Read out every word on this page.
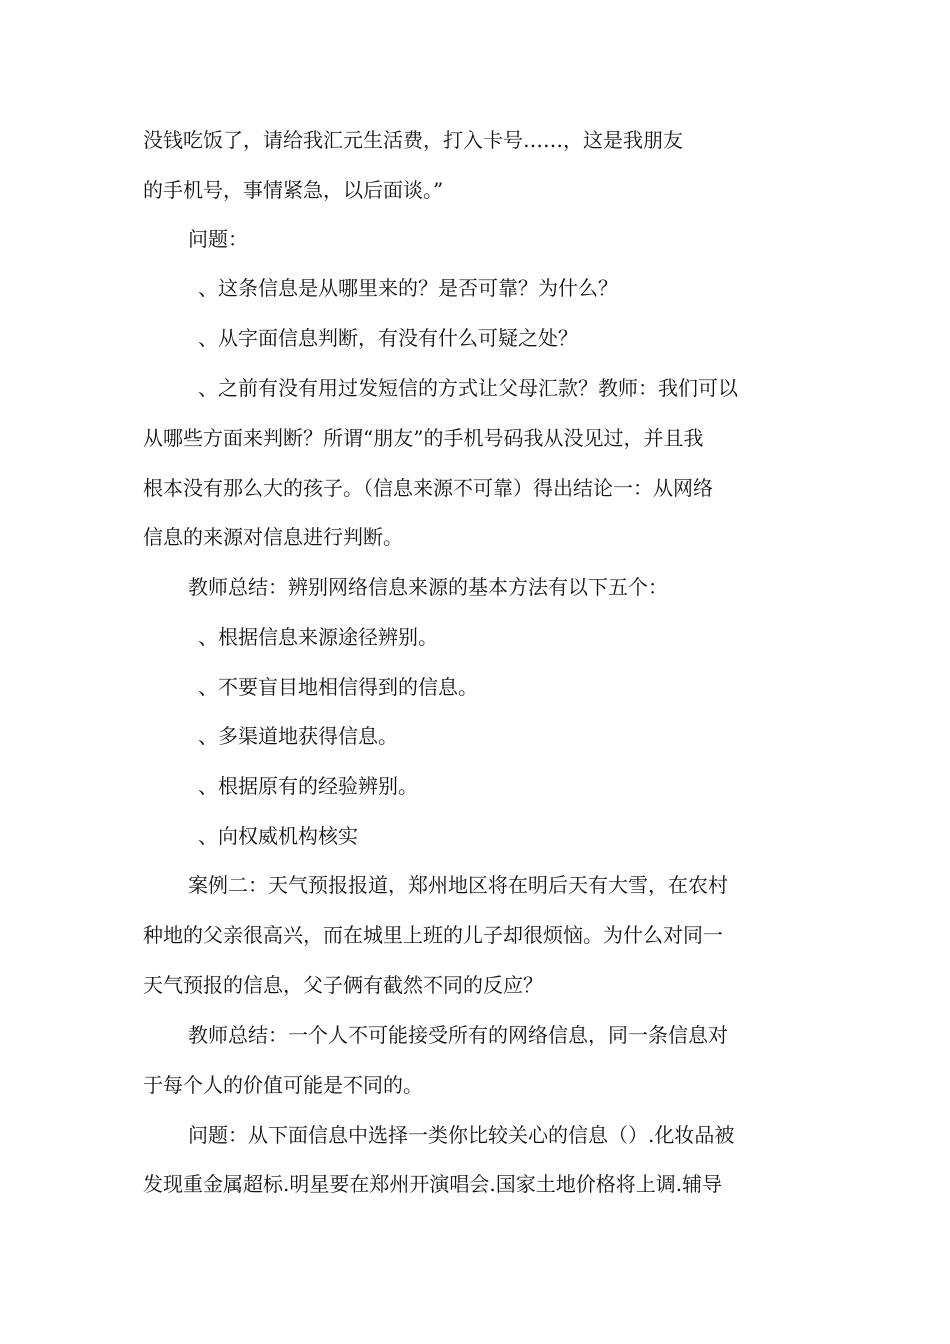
没钱吃饭了，请给我汇元生活费，打入卡号……，这是我朋友
的手机号，事情紧急，以后面谈。”
问题：
、这条信息是从哪里来的？是否可靠？为什么？
、从字面信息判断，有没有什么可疑之处？
、之前有没有用过发短信的方式让父母汇款？教师：我们可以
从哪些方面来判断？所谓“朋友”的手机号码我从没见过，并且我
根本没有那么大的孩子。（信息来源不可靠）得出结论一：从网络
信息的来源对信息进行判断。
教师总结：辨别网络信息来源的基本方法有以下五个：
、根据信息来源途径辨别。
、不要盲目地相信得到的信息。
、多渠道地获得信息。
、根据原有的经验辨别。
、向权威机构核实
案例二：天气预报报道，郑州地区将在明后天有大雪，在农村
种地的父亲很高兴，而在城里上班的儿子却很烦恼。为什么对同一
天气预报的信息，父子俩有截然不同的反应？
教师总结：一个人不可能接受所有的网络信息，同一条信息对
于每个人的价值可能是不同的。
问题：从下面信息中选择一类你比较关心的信息（）.化妆品被
发现重金属超标.明星要在郑州开演唱会.国家土地价格将上调.辅导
